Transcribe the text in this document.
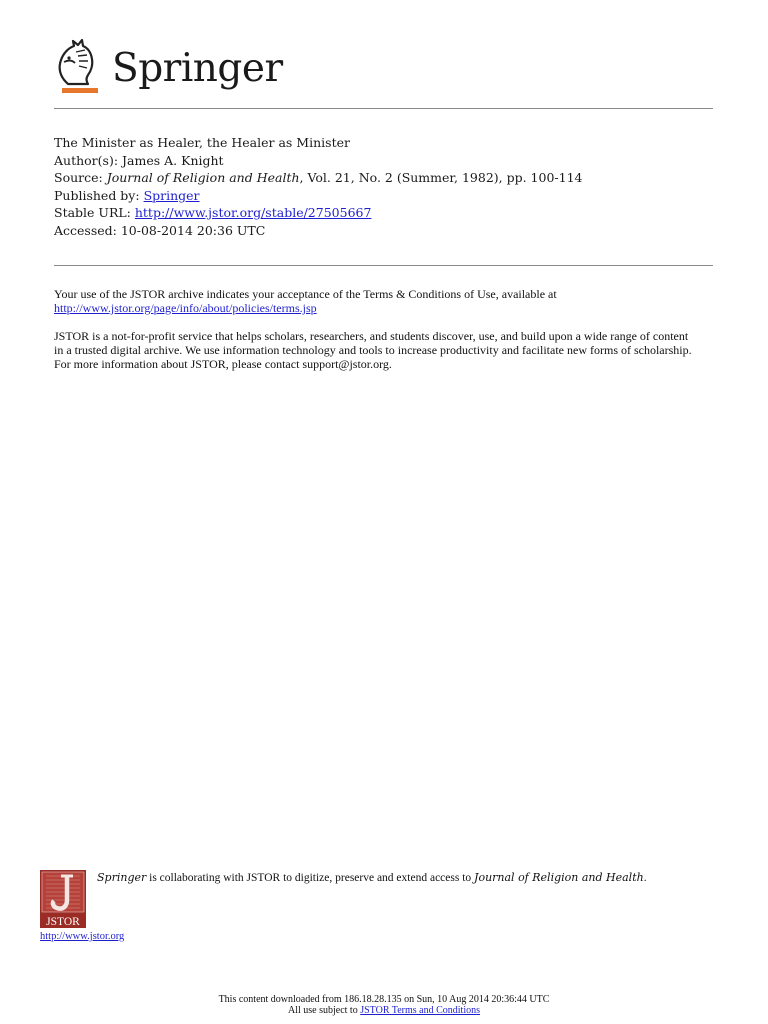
Springer
The Minister as Healer, the Healer as Minister
Author(s): James A. Knight
Source: Journal of Religion and Health, Vol. 21, No. 2 (Summer, 1982), pp. 100-114
Published by: Springer
Stable URL: http://www.jstor.org/stable/27505667
Accessed: 10-08-2014 20:36 UTC
Your use of the JSTOR archive indicates your acceptance of the Terms & Conditions of Use, available at
http://www.jstor.org/page/info/about/policies/terms.jsp
JSTOR is a not-for-profit service that helps scholars, researchers, and students discover, use, and build upon a wide range of content
in a trusted digital archive. We use information technology and tools to increase productivity and facilitate new forms of scholarship.
For more information about JSTOR, please contact support@jstor.org.
JSTOR
http://www.jstor.org
Springer is collaborating with JSTOR to digitize, preserve and extend access to Journal of Religion and Health.
This content downloaded from 186.18.28.135 on Sun, 10 Aug 2014 20:36:44 UTC
All use subject to JSTOR Terms and Conditions
